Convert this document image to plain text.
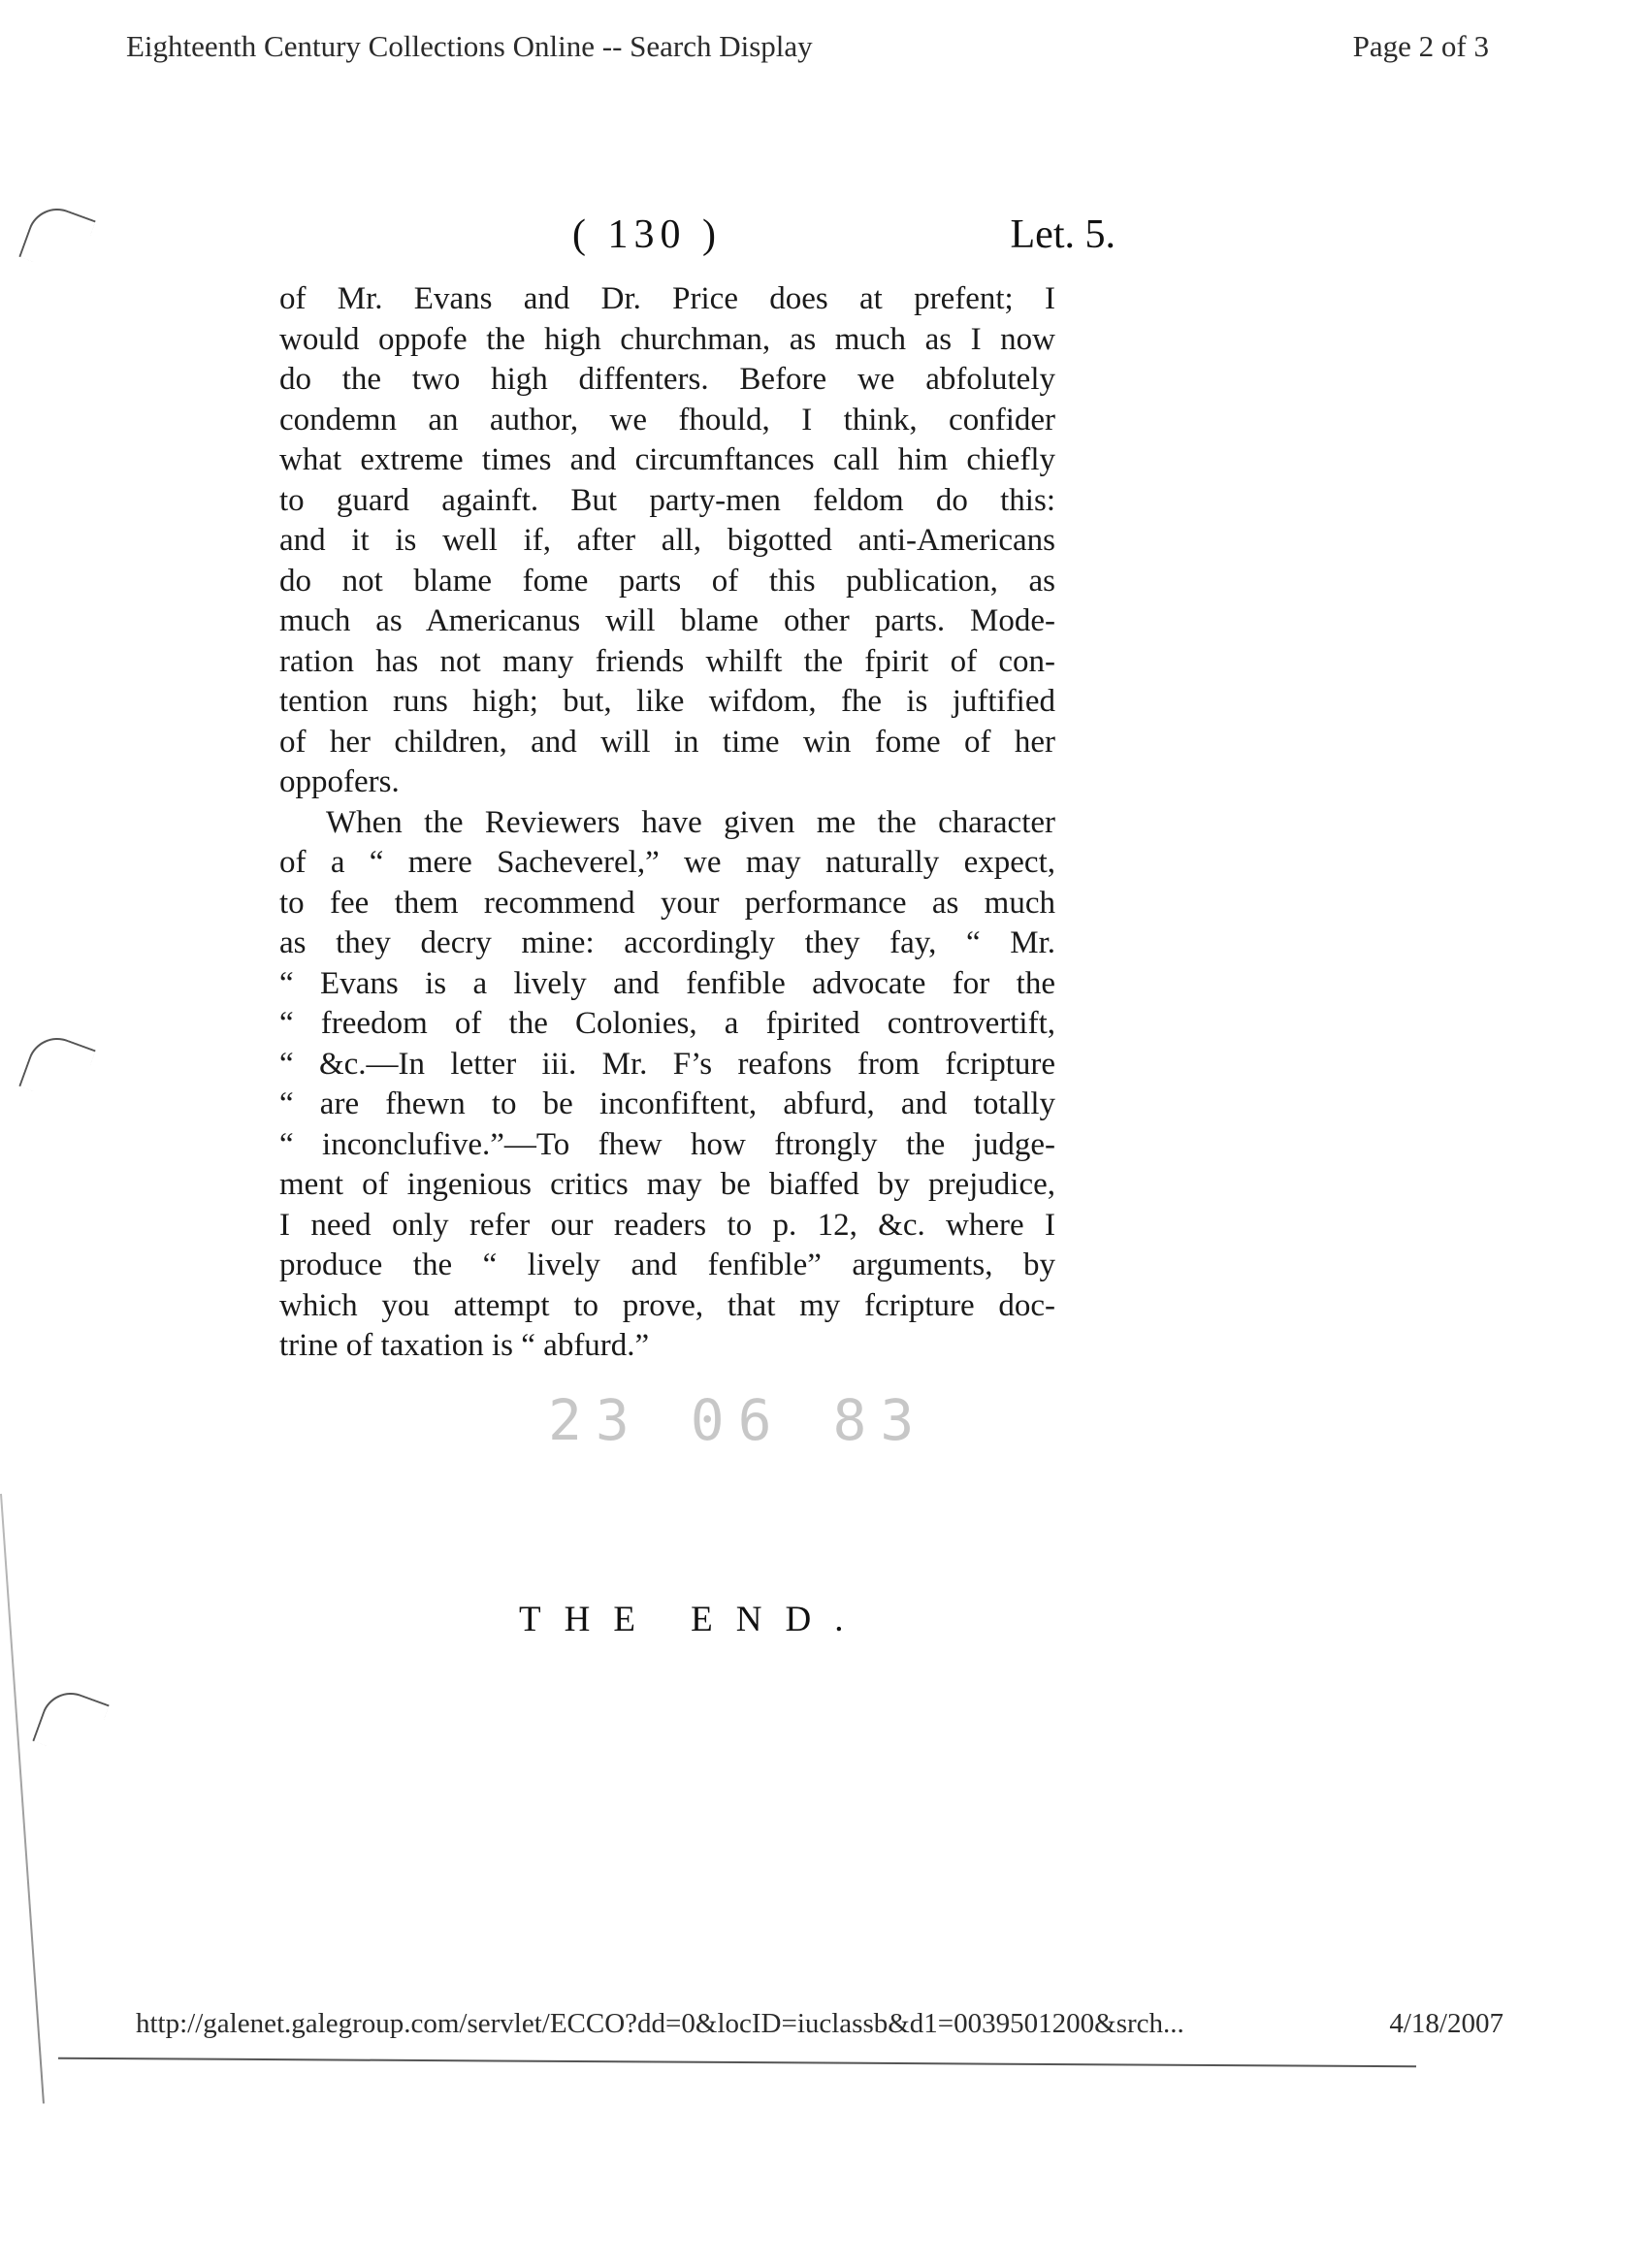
Eighteenth Century Collections Online -- Search Display	Page 2 of 3
( 130 )	Let. 5.
of Mr. Evans and Dr. Price does at prefent; I
would oppofe the high churchman, as much as I now
do the two high diffenters. Before we abfolutely
condemn an author, we fhould, I think, confider
what extreme times and circumftances call him chiefly
to guard againft. But party-men feldom do this:
and it is well if, after all, bigotted anti-Americans
do not blame fome parts of this publication, as
much as Americanus will blame other parts. Mode-
ration has not many friends whilft the fpirit of con-
tention runs high; but, like wifdom, fhe is juftified
of her children, and will in time win fome of her
oppofers.
When the Reviewers have given me the character
of a “ mere Sacheverel,” we may naturally expect,
to fee them recommend your performance as much
as they decry mine: accordingly they fay, “ Mr.
“ Evans is a lively and fenfible advocate for the
“ freedom of the Colonies, a fpirited controvertift,
“ &c.—In letter iii. Mr. F’s reafons from fcripture
“ are fhewn to be inconfiftent, abfurd, and totally
“ inconclufive.”—To fhew how ftrongly the judge-
ment of ingenious critics may be biaffed by prejudice,
I need only refer our readers to p. 12, &c. where I
produce the “ lively and fenfible” arguments, by
which you attempt to prove, that my fcripture doc-
trine of taxation is “ abfurd.”
23 06 83
THE END.
http://galenet.galegroup.com/servlet/ECCO?dd=0&locID=iuclassb&d1=0039501200&srch...	4/18/2007
